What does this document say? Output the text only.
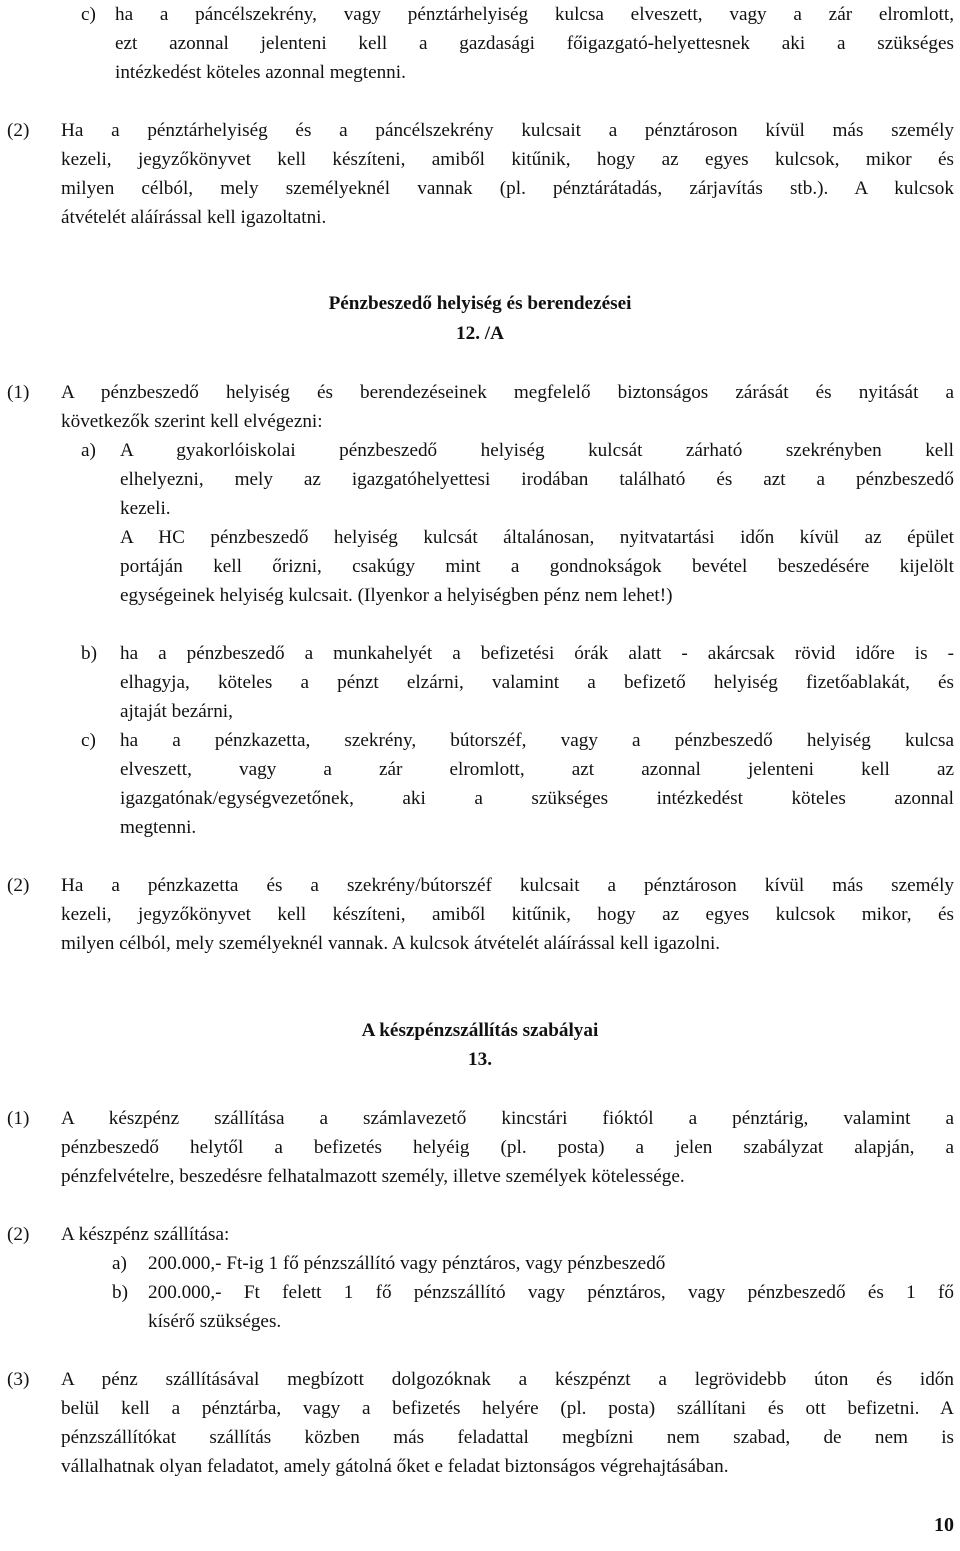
c) ha a páncélszekrény, vagy pénztárhelyiség kulcsa elveszett, vagy a zár elromlott,
ezt azonnal jelenteni kell a gazdasági főigazgató-helyettesnek aki a szükséges
intézkedést köteles azonnal megtenni.
(2) Ha a pénztárhelyiség és a páncélszekrény kulcsait a pénztároson kívül más személy
kezeli, jegyzőkönyvet kell készíteni, amiből kitűnik, hogy az egyes kulcsok, mikor és
milyen célból, mely személyeknél vannak (pl. pénztárátadás, zárjavítás stb.). A kulcsok
átvételét aláírással kell igazoltatni.
Pénzbeszedő helyiség és berendezései
12. /A
(1) A pénzbeszedő helyiség és berendezéseinek megfelelő biztonságos zárását és nyitását a
következők szerint kell elvégezni:
a) A gyakorlóiskolai pénzbeszedő helyiség kulcsát zárható szekrényben kell
elhelyezni, mely az igazgatóhelyettesi irodában található és azt a pénzbeszedő
kezeli.
A HC pénzbeszedő helyiség kulcsát általánosan, nyitvatartási időn kívül az épület
portáján kell őrizni, csakúgy mint a gondnokságok bevétel beszedésére kijelölt
egységeinek helyiség kulcsait. (Ilyenkor a helyiségben pénz nem lehet!)
b) ha a pénzbeszedő a munkahelyét a befizetési órák alatt - akárcsak rövid időre is -
elhagyja, köteles a pénzt elzárni, valamint a befizető helyiség fizetőablakát, és
ajtaját bezárni,
c) ha a pénzkazetta, szekrény, bútorszéf, vagy a pénzbeszedő helyiség kulcsa
elveszett, vagy a zár elromlott, azt azonnal jelenteni kell az
igazgatónak/egységvezetőnek, aki a szükséges intézkedést köteles azonnal
megtenni.
(2) Ha a pénzkazetta és a szekrény/bútorszéf kulcsait a pénztároson kívül más személy
kezeli, jegyzőkönyvet kell készíteni, amiből kitűnik, hogy az egyes kulcsok mikor, és
milyen célból, mely személyeknél vannak. A kulcsok átvételét aláírással kell igazolni.
A készpénzszállítás szabályai
13.
(1) A készpénz szállítása a számlavezető kincstári fióktól a pénztárig, valamint a
pénzbeszedő helytől a befizetés helyéig (pl. posta) a jelen szabályzat alapján, a
pénzfelvételre, beszedésre felhatalmazott személy, illetve személyek kötelessége.
(2) A készpénz szállítása:
a) 200.000,- Ft-ig 1 fő pénzszállító vagy pénztáros, vagy pénzbeszedő
b) 200.000,- Ft felett 1 fő pénzszállító vagy pénztáros, vagy pénzbeszedő és 1 fő
kísérő szükséges.
(3) A pénz szállításával megbízott dolgozóknak a készpénzt a legrövidebb úton és időn
belül kell a pénztárba, vagy a befizetés helyére (pl. posta) szállítani és ott befizetni. A
pénzszállítókat szállítás közben más feladattal megbízni nem szabad, de nem is
vállalhatnak olyan feladatot, amely gátolná őket e feladat biztonságos végrehajtásában.
10
